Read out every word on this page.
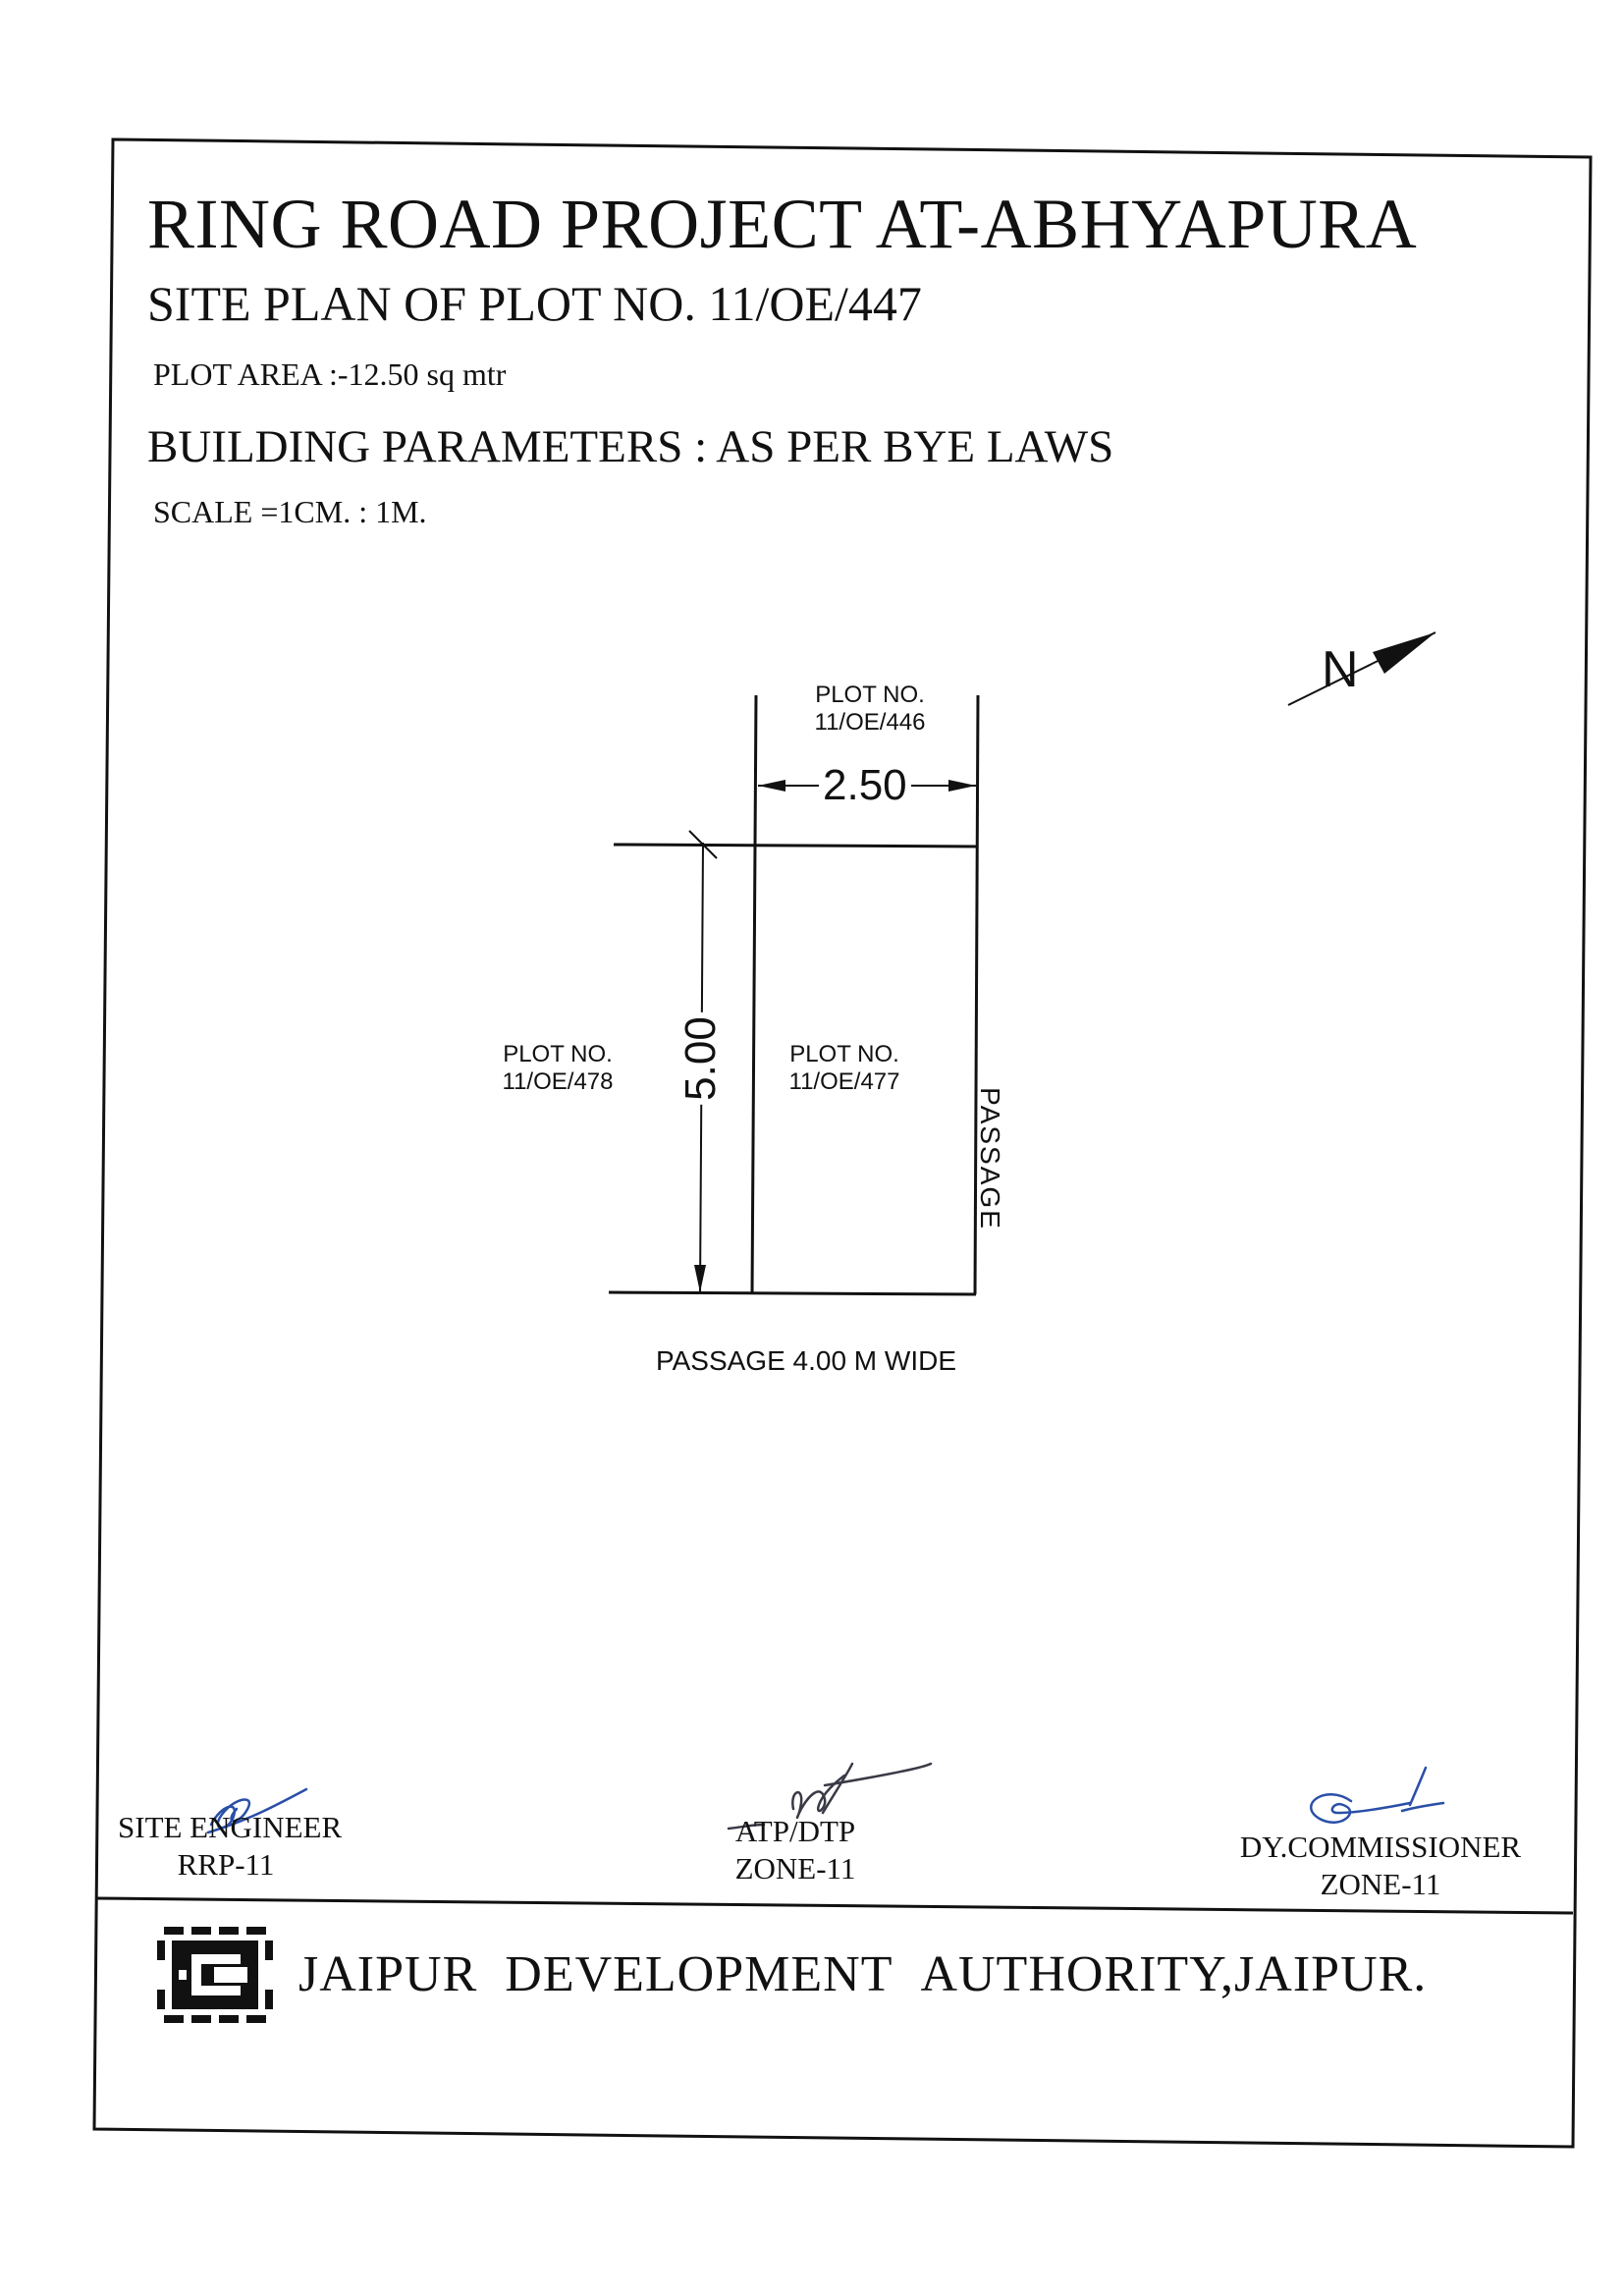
RING ROAD PROJECT AT-ABHYAPURA
SITE PLAN OF PLOT NO. 11/OE/447
PLOT AREA :-12.50 sq mtr
BUILDING PARAMETERS : AS PER BYE LAWS
SCALE =1CM. : 1M.
N
PLOT NO.
11/OE/446
2.50
PLOT NO.
11/OE/478
PLOT NO.
11/OE/477
5.00
PASSAGE
PASSAGE 4.00 M WIDE
SITE ENGINEER
RRP-11
ATP/DTP
ZONE-11
DY.COMMISSIONER
ZONE-11
JAIPUR DEVELOPMENT AUTHORITY,JAIPUR.
